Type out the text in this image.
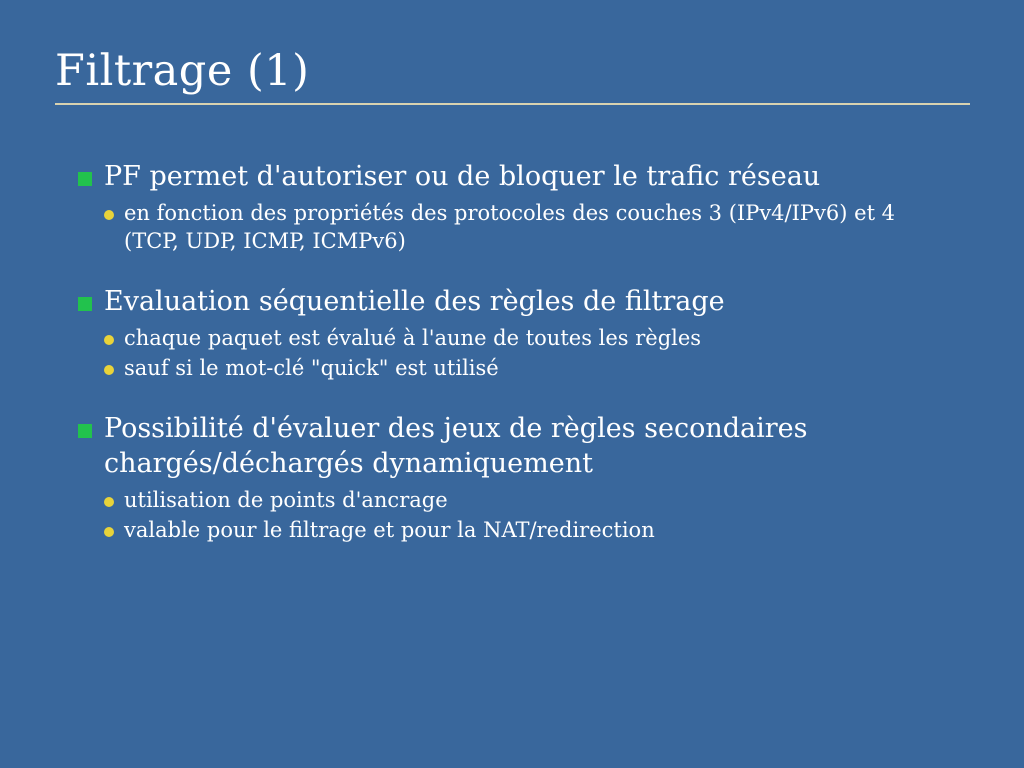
Filtrage (1)
PF permet d'autoriser ou de bloquer le trafic réseau
en fonction des propriétés des protocoles des couches 3 (IPv4/IPv6) et 4 (TCP, UDP, ICMP, ICMPv6)
Evaluation séquentielle des règles de filtrage
chaque paquet est évalué à l'aune de toutes les règles
sauf si le mot-clé "quick" est utilisé
Possibilité d'évaluer des jeux de règles secondaires chargés/déchargés dynamiquement
utilisation de points d'ancrage
valable pour le filtrage et pour la NAT/redirection
